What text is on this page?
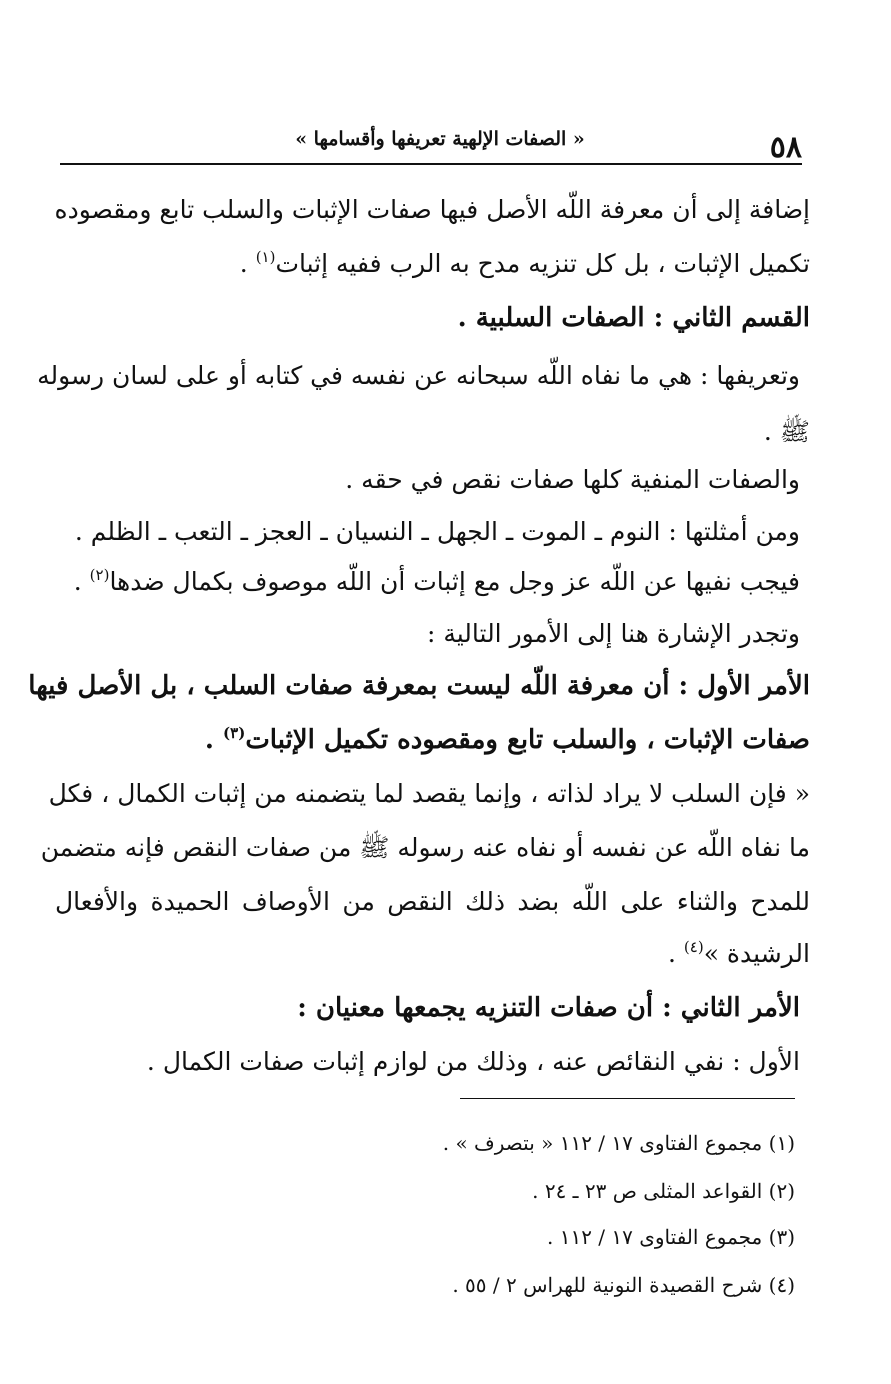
« الصفات الإلهية تعريفها وأقسامها »	٥٨
إضافة إلى أن معرفة اللّه الأصل فيها صفات الإثبات والسلب تابع ومقصوده
تكميل الإثبات ، بل كل تنزيه مدح به الرب ففيه إثبات$^{(١)}$ .
القسم الثاني : الصفات السلبية .
وتعريفها : هي ما نفاه اللّه سبحانه عن نفسه في كتابه أو على لسان رسوله
ﷺ .
والصفات المنفية كلها صفات نقص في حقه .
ومن أمثلتها : النوم ـ الموت ـ الجهل ـ النسيان ـ العجز ـ التعب ـ الظلم .
فيجب نفيها عن اللّه عز وجل مع إثبات أن اللّه موصوف بكمال ضدها$^{(٢)}$ .
وتجدر الإشارة هنا إلى الأمور التالية :
الأمر الأول : أن معرفة اللّه ليست بمعرفة صفات السلب ، بل الأصل فيها
صفات الإثبات ، والسلب تابع ومقصوده تكميل الإثبات$^{(٣)}$ .
« فإن السلب لا يراد لذاته ، وإنما يقصد لما يتضمنه من إثبات الكمال ، فكل
ما نفاه اللّه عن نفسه أو نفاه عنه رسوله ﷺ من صفات النقص فإنه متضمن
للمدح والثناء على اللّه بضد ذلك النقص من الأوصاف الحميدة والأفعال
الرشيدة »$^{(٤)}$ .
الأمر الثاني : أن صفات التنزيه يجمعها معنيان :
الأول : نفي النقائص عنه ، وذلك من لوازم إثبات صفات الكمال .
(١) مجموع الفتاوى ١٧ / ١١٢ « بتصرف » .
(٢) القواعد المثلى ص ٢٣ ـ ٢٤ .
(٣) مجموع الفتاوى ١٧ / ١١٢ .
(٤) شرح القصيدة النونية للهراس ٢ / ٥٥ .
